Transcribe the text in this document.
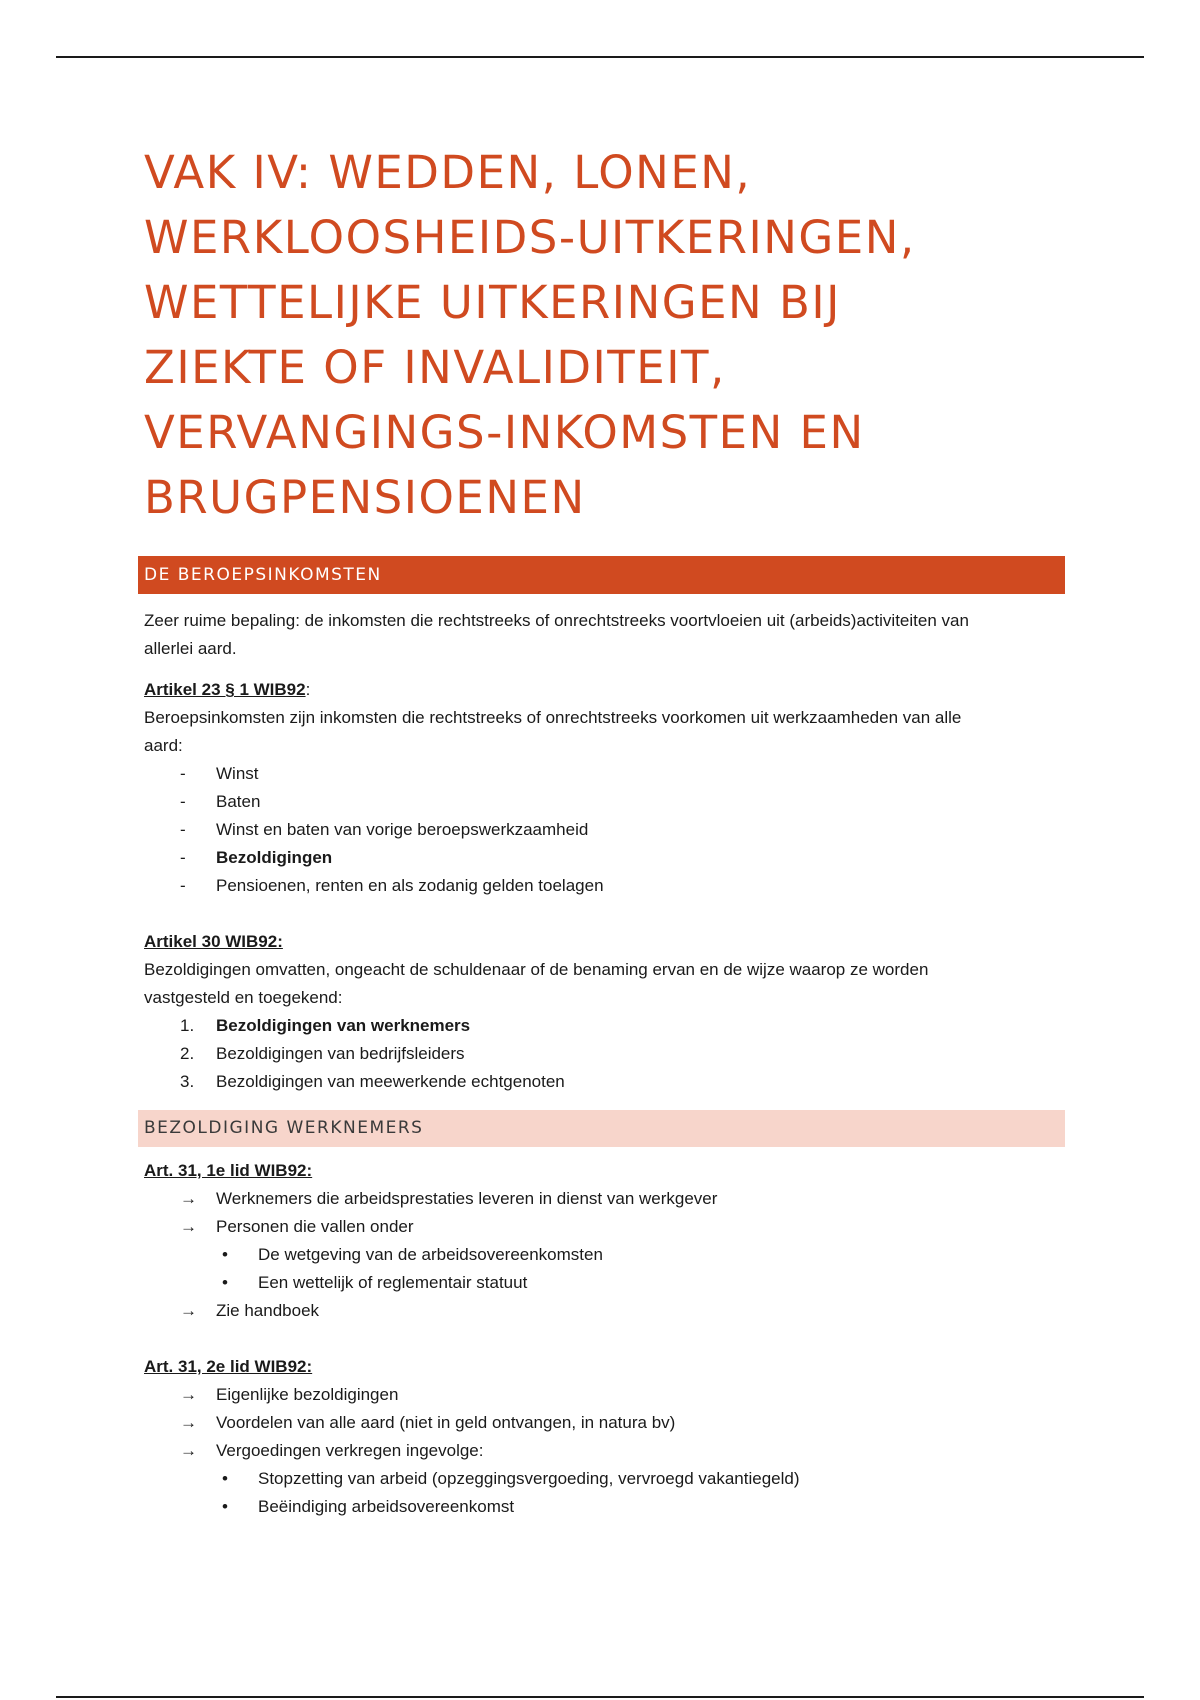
VAK IV: WEDDEN, LONEN,
WERKLOOSHEIDS-UITKERINGEN,
WETTELIJKE UITKERINGEN BIJ
ZIEKTE OF INVALIDITEIT,
VERVANGINGS-INKOMSTEN EN
BRUGPENSIOENEN
DE BEROEPSINKOMSTEN

Zeer ruime bepaling: de inkomsten die rechtstreeks of onrechtstreeks voortvloeien uit (arbeids)activiteiten van

allerlei aard.

Artikel 23 § 1 WIB92:

Beroepsinkomsten zijn inkomsten die rechtstreeks of onrechtstreeks voorkomen uit werkzaamheden van alle

aard:

-	Winst
-	Baten
-	Winst en baten van vorige beroepswerkzaamheid
-	Bezoldigingen
-	Pensioenen, renten en als zodanig gelden toelagen

Artikel 30 WIB92:

Bezoldigingen omvatten, ongeacht de schuldenaar of de benaming ervan en de wijze waarop ze worden

vastgesteld en toegekend:

1.	Bezoldigingen van werknemers
2.	Bezoldigingen van bedrijfsleiders
3.	Bezoldigingen van meewerkende echtgenoten
BEZOLDIGING WERKNEMERS

Art. 31, 1e lid WIB92:

→	Werknemers die arbeidsprestaties leveren in dienst van werkgever
→	Personen die vallen onder
•	De wetgeving van de arbeidsovereenkomsten
•	Een wettelijk of reglementair statuut
→	Zie handboek

Art. 31, 2e lid WIB92:

→	Eigenlijke bezoldigingen
→	Voordelen van alle aard (niet in geld ontvangen, in natura bv)
→	Vergoedingen verkregen ingevolge:
•	Stopzetting van arbeid (opzeggingsvergoeding, vervroegd vakantiegeld)
•	Beëindiging arbeidsovereenkomst
